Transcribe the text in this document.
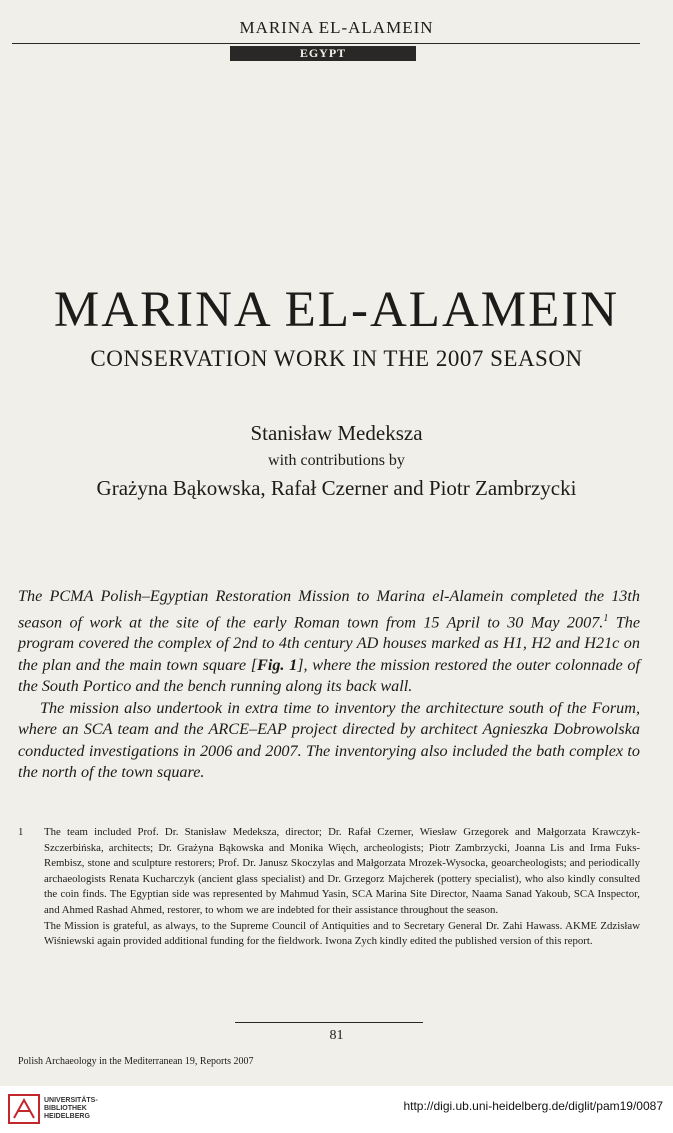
MARINA EL-ALAMEIN
EGYPT
MARINA EL-ALAMEIN
CONSERVATION WORK IN THE 2007 SEASON
Stanisław Medeksza
with contributions by
Grażyna Bąkowska, Rafał Czerner and Piotr Zambrzycki

The PCMA Polish–Egyptian Restoration Mission to Marina el-Alamein completed the 13th season of work at the site of the early Roman town from 15 April to 30 May 2007.$^1$ The program covered the complex of 2nd to 4th century AD houses marked as H1, H2 and H21c on the plan and the main town square [Fig. 1], where the mission restored the outer colonnade of the South Portico and the bench running along its back wall.

The mission also undertook in extra time to inventory the architecture south of the Forum, where an SCA team and the ARCE–EAP project directed by architect Agnieszka Dobrowolska conducted investigations in 2006 and 2007. The inventorying also included the bath complex to the north of the town square.

1	The team included Prof. Dr. Stanisław Medeksza, director; Dr. Rafał Czerner, Wiesław Grzegorek and Małgorzata Krawczyk-Szczerbińska, architects; Dr. Grażyna Bąkowska and Monika Więch, archeologists; Piotr Zambrzycki, Joanna Lis and Irma Fuks-Rembisz, stone and sculpture restorers; Prof. Dr. Janusz Skoczylas and Małgorzata Mrozek-Wysocka, geoarcheologists; and periodically archaeologists Renata Kucharczyk (ancient glass specialist) and Dr. Grzegorz Majcherek (pottery specialist), who also kindly consulted the coin finds. The Egyptian side was represented by Mahmud Yasin, SCA Marina Site Director, Naama Sanad Yakoub, SCA Inspector, and Ahmed Rashad Ahmed, restorer, to whom we are indebted for their assistance throughout the season.

The Mission is grateful, as always, to the Supreme Council of Antiquities and to Secretary General Dr. Zahi Hawass. AKME Zdzisław Wiśniewski again provided additional funding for the fieldwork. Iwona Zych kindly edited the published version of this report.

81
Polish Archaeology in the Mediterranean 19, Reports 2007
UNIVERSITÄTS-
BIBLIOTHEK
HEIDELBERG
http://digi.ub.uni-heidelberg.de/diglit/pam19/0087
